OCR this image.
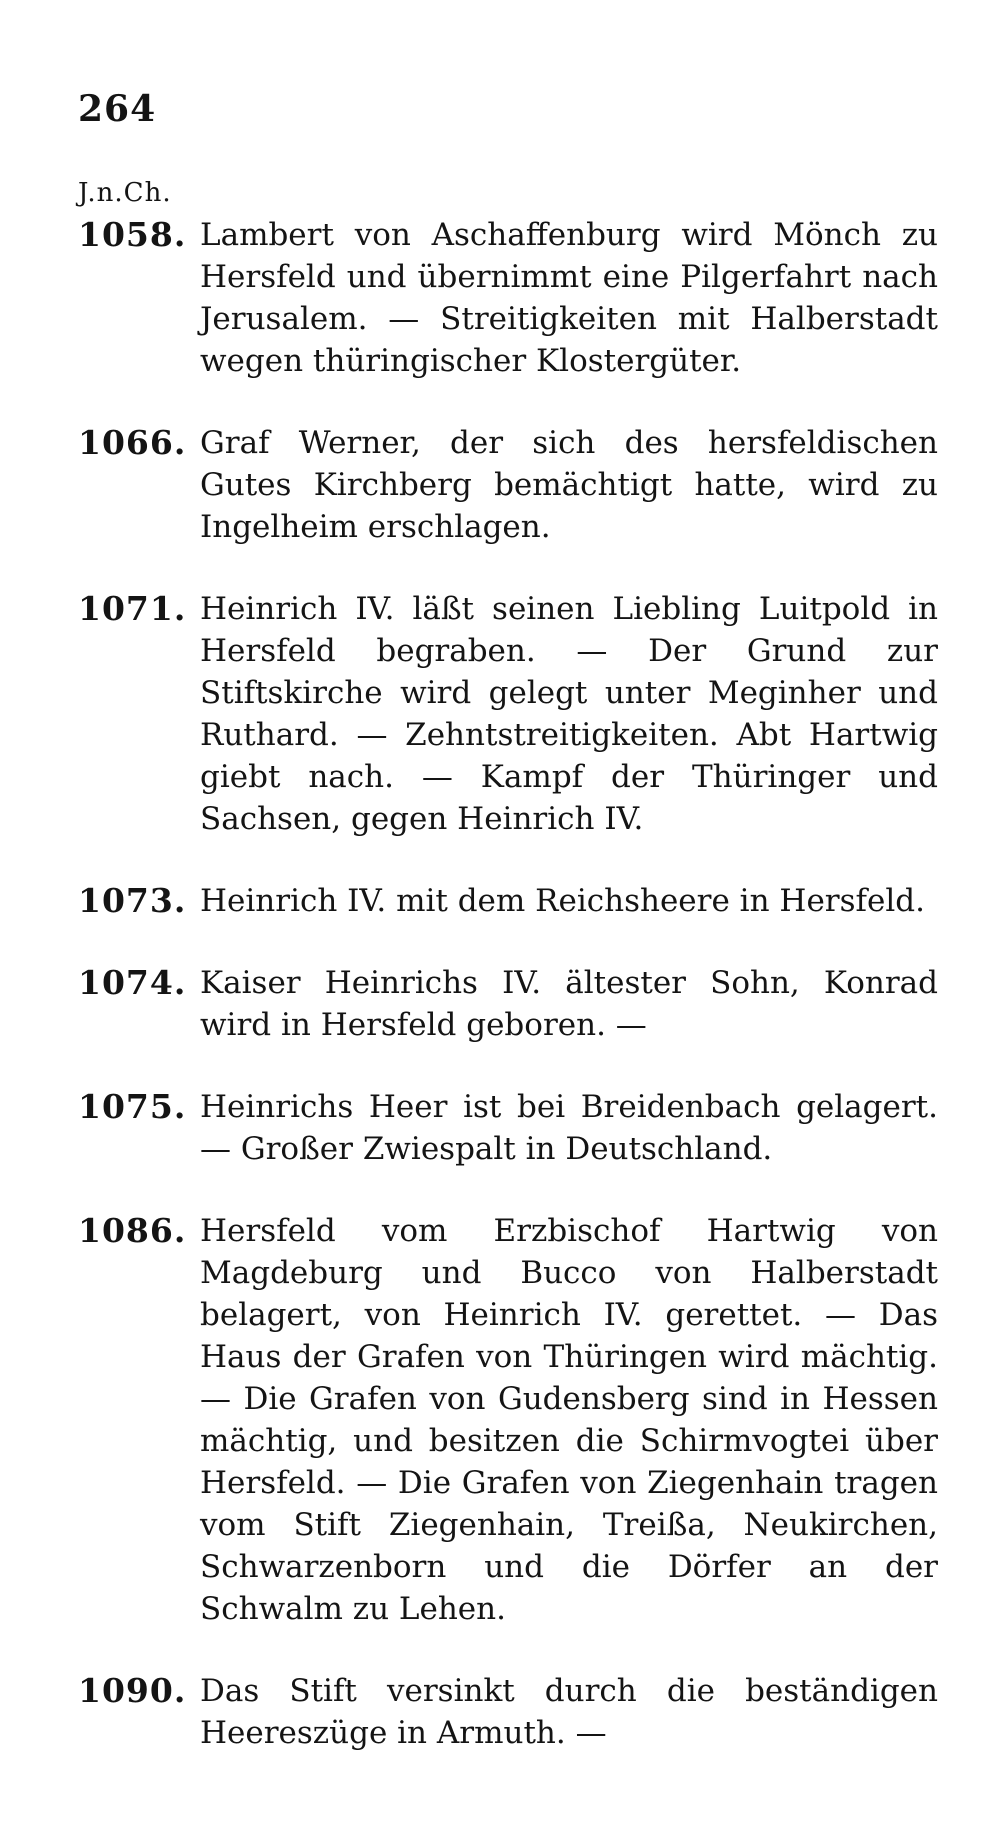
264
J.n.Ch.
1058. Lambert von Aschaffenburg wird Mönch zu Hersfeld und übernimmt eine Pilgerfahrt nach Jerusalem. — Streitigkeiten mit Halberstadt wegen thüringischer Klostergüter.
1066. Graf Werner, der sich des hersfeldischen Gutes Kirchberg bemächtigt hatte, wird zu Ingelheim erschlagen.
1071. Heinrich IV. läßt seinen Liebling Luitpold in Hersfeld begraben. — Der Grund zur Stiftskirche wird gelegt unter Meginher und Ruthard. — Zehntstreitigkeiten. Abt Hartwig giebt nach. — Kampf der Thüringer und Sachsen, gegen Heinrich IV.
1073. Heinrich IV. mit dem Reichsheere in Hersfeld.
1074. Kaiser Heinrichs IV. ältester Sohn, Konrad wird in Hersfeld geboren. —
1075. Heinrichs Heer ist bei Breidenbach gelagert. — Großer Zwiespalt in Deutschland.
1086. Hersfeld vom Erzbischof Hartwig von Magdeburg und Bucco von Halberstadt belagert, von Heinrich IV. gerettet. — Das Haus der Grafen von Thüringen wird mächtig. — Die Grafen von Gudensberg sind in Hessen mächtig, und besitzen die Schirmvogtei über Hersfeld. — Die Grafen von Ziegenhain tragen vom Stift Ziegenhain, Treißa, Neukirchen, Schwarzenborn und die Dörfer an der Schwalm zu Lehen.
1090. Das Stift versinkt durch die beständigen Heereszüge in Armuth. —
